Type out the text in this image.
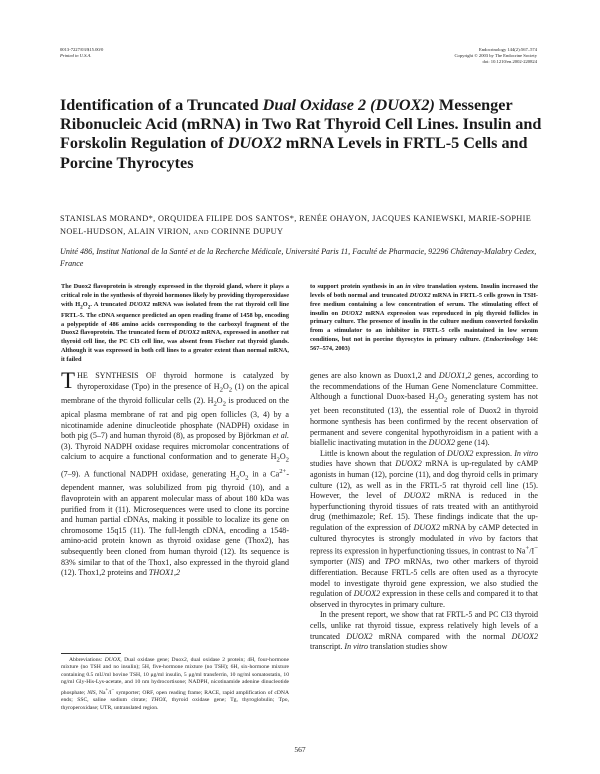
0013-7227/03/$15.00/0
Printed in U.S.A.
Endocrinology 144(2):567–574
Copyright © 2003 by The Endocrine Society
doi: 10.1210/en.2002-220824
Identification of a Truncated Dual Oxidase 2 (DUOX2) Messenger Ribonucleic Acid (mRNA) in Two Rat Thyroid Cell Lines. Insulin and Forskolin Regulation of DUOX2 mRNA Levels in FRTL-5 Cells and Porcine Thyrocytes

STANISLAS MORAND*, ORQUIDEA FILIPE DOS SANTOS*, RENÉE OHAYON, JACQUES KANIEWSKI, MARIE-SOPHIE NOEL-HUDSON, ALAIN VIRION, AND CORINNE DUPUY

Unité 486, Institut National de la Santé et de la Recherche Médicale, Université Paris 11, Faculté de Pharmacie, 92296 Châtenay-Malabry Cedex, France

The Duox2 flavoprotein is strongly expressed in the thyroid gland, where it plays a critical role in the synthesis of thyroid hormones likely by providing thyroperoxidase with $H_2O_2$. A truncated DUOX2 mRNA was isolated from the rat thyroid cell line FRTL-5. The cDNA sequence predicted an open reading frame of 1458 bp, encoding a polypeptide of 486 amino acids corresponding to the carboxyl fragment of the Duox2 flavoprotein. The truncated form of DUOX2 mRNA, expressed in another rat thyroid cell line, the PC Cl3 cell line, was absent from Fischer rat thyroid glands. Although it was expressed in both cell lines to a greater extent than normal mRNA, it failed

to support protein synthesis in an in vitro translation system. Insulin increased the levels of both normal and truncated DUOX2 mRNA in FRTL-5 cells grown in TSH-free medium containing a low concentration of serum. The stimulating effect of insulin on DUOX2 mRNA expression was reproduced in pig thyroid follicles in primary culture. The presence of insulin in the culture medium converted forskolin from a stimulator to an inhibitor in FRTL-5 cells maintained in low serum conditions, but not in porcine thyrocytes in primary culture. (Endocrinology 144: 567–574, 2003)

THE SYNTHESIS OF thyroid hormone is catalyzed by thyroperoxidase (Tpo) in the presence of $H_2O_2$ (1) on the apical membrane of the thyroid follicular cells (2). $H_2O_2$ is produced on the apical plasma membrane of rat and pig open follicles (3, 4) by a nicotinamide adenine dinucleotide phosphate (NADPH) oxidase in both pig (5–7) and human thyroid (8), as proposed by Björkman et al. (3). Thyroid NADPH oxidase requires micromolar concentrations of calcium to acquire a functional conformation and to generate $H_2O_2$ (7–9). A functional NADPH oxidase, generating $H_2O_2$ in a $Ca^{2+}$-dependent manner, was solubilized from pig thyroid (10), and a flavoprotein with an apparent molecular mass of about 180 kDa was purified from it (11). Microsequences were used to clone its porcine and human partial cDNAs, making it possible to localize its gene on chromosome 15q15 (11). The full-length cDNA, encoding a 1548-amino-acid protein known as thyroid oxidase gene (Thox2), has subsequently been cloned from human thyroid (12). Its sequence is 83% similar to that of the Thox1, also expressed in the thyroid gland (12). Thox1,2 proteins and THOX1,2

genes are also known as Duox1,2 and DUOX1,2 genes, according to the recommendations of the Human Gene Nomenclature Committee. Although a functional Duox-based $H_2O_2$ generating system has not yet been reconstituted (13), the essential role of Duox2 in thyroid hormone synthesis has been confirmed by the recent observation of permanent and severe congenital hypothyroidism in a patient with a biallelic inactivating mutation in the DUOX2 gene (14).

Little is known about the regulation of DUOX2 expression. In vitro studies have shown that DUOX2 mRNA is up-regulated by cAMP agonists in human (12), porcine (11), and dog thyroid cells in primary culture (12), as well as in the FRTL-5 rat thyroid cell line (15). However, the level of DUOX2 mRNA is reduced in the hyperfunctioning thyroid tissues of rats treated with an antithyroid drug (methimazole; Ref. 15). These findings indicate that the up-regulation of the expression of DUOX2 mRNA by cAMP detected in cultured thyrocytes is strongly modulated in vivo by factors that repress its expression in hyperfunctioning tissues, in contrast to Na+/I− symporter (NIS) and TPO mRNAs, two other markers of thyroid differentiation. Because FRTL-5 cells are often used as a thyrocyte model to investigate thyroid gene expression, we also studied the regulation of DUOX2 expression in these cells and compared it to that observed in thyrocytes in primary culture.

In the present report, we show that rat FRTL-5 and PC Cl3 thyroid cells, unlike rat thyroid tissue, express relatively high levels of a truncated DUOX2 mRNA compared with the normal DUOX2 transcript. In vitro translation studies show

Abbreviations: DUOX, Dual oxidase gene; Duox2, dual oxidase 2 protein; 4H, four-hormone mixture (no TSH and no insulin); 5H, five-hormone mixture (no TSH); 6H, six-hormone mixture containing 0.5 mU/ml bovine TSH, 10 μg/ml insulin, 5 μg/ml transferrin, 10 ng/ml somatostatin, 10 ng/ml Gly-His-Lys-acetate, and 10 nm hydrocortisone; NADPH, nicotinamide adenine dinucleotide phosphate; NIS, Na+/I− symporter; ORF, open reading frame; RACE, rapid amplification of cDNA ends; SSC, saline sodium citrate; THOX, thyroid oxidase gene; Tg, thyroglobulin; Tpo, thyroperoxidase; UTR, untranslated region.

567
